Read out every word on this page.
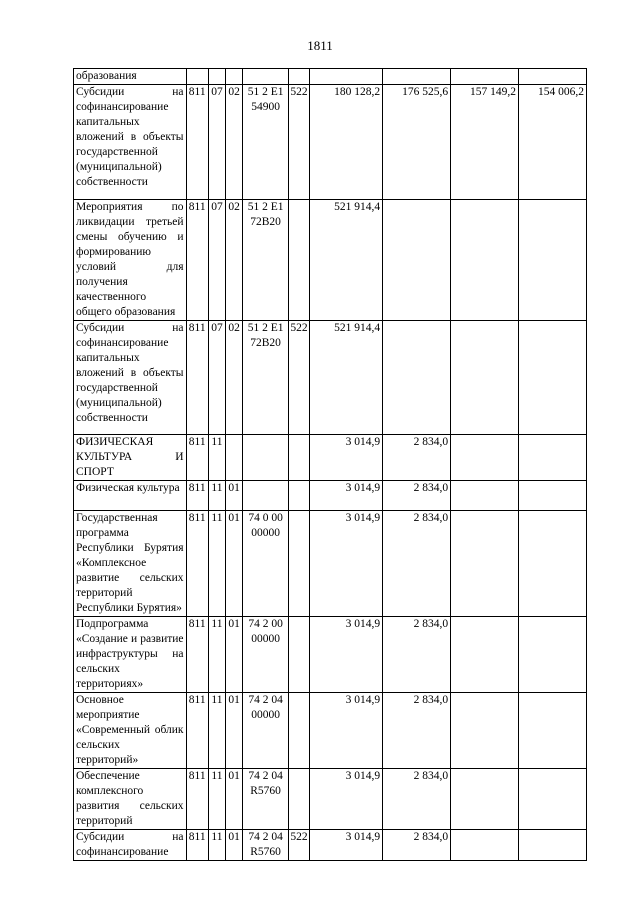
1811
образования									
Субсидии на софинансирование капитальных вложений в объекты государственной (муниципальной) собственности	811	07	02	51 2 E1 54900	522	180 128,2	176 525,6	157 149,2	154 006,2
Мероприятия по ликвидации третьей смены обучению и формированию условий для получения качественного общего образования	811	07	02	51 2 E1 72B20		521 914,4			
Субсидии на софинансирование капитальных вложений в объекты государственной (муниципальной) собственности	811	07	02	51 2 E1 72B20	522	521 914,4			
ФИЗИЧЕСКАЯ КУЛЬТУРА И СПОРТ	811	11				3 014,9	2 834,0		
Физическая культура	811	11	01			3 014,9	2 834,0		
Государственная программа Республики Бурятия «Комплексное развитие сельских территорий Республики Бурятия»	811	11	01	74 0 00 00000		3 014,9	2 834,0		
Подпрограмма «Создание и развитие инфраструктуры на сельских территориях»	811	11	01	74 2 00 00000		3 014,9	2 834,0		
Основное мероприятие «Современный облик сельских территорий»	811	11	01	74 2 04 00000		3 014,9	2 834,0		
Обеспечение комплексного развития сельских территорий	811	11	01	74 2 04 R5760		3 014,9	2 834,0		
Субсидии на софинансирование	811	11	01	74 2 04 R5760	522	3 014,9	2 834,0		
